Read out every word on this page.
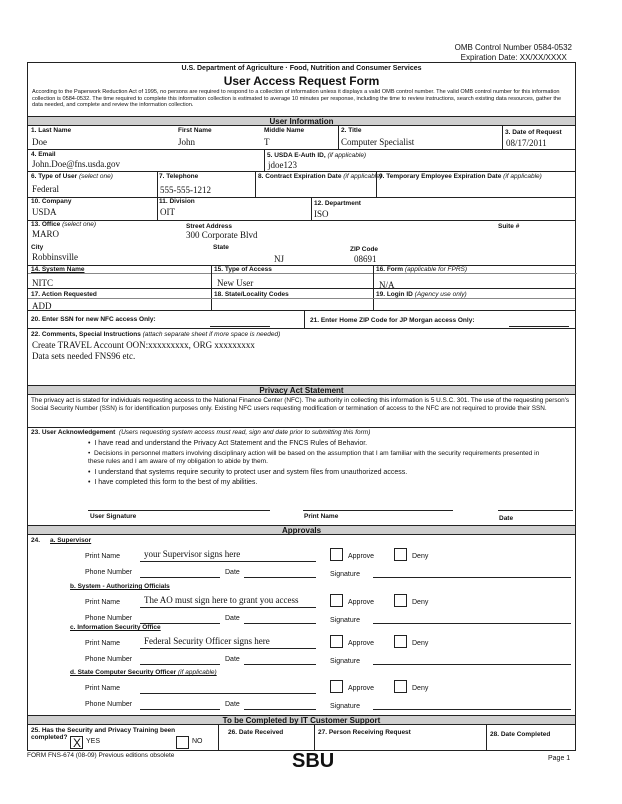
OMB Control Number 0584-0532
Expiration Date: XX/XX/XXXX
U.S. Department of Agriculture · Food, Nutrition and Consumer Services
User Access Request Form
According to the Paperwork Reduction Act of 1995, no persons are required to respond to a collection of information unless it displays a valid OMB control number. The valid OMB control number for this information collection is 0584-0532. The time required to complete this information collection is estimated to average 10 minutes per response, including the time to review instructions, search existing data resources, gather the data needed, and complete and review the information collection.
User Information
1. Last Name
Doe
First Name
John
Middle Name
T
2. Title
Computer Specialist
3. Date of Request
08/17/2011
4. Email
John.Doe@fns.usda.gov
5. USDA E-Auth ID, (if applicable)
jdoe123
6. Type of User (select one)
Federal
7. Telephone
555-555-1212
8. Contract Expiration Date (if applicable)
9. Temporary Employee Expiration Date (if applicable)
10. Company
USDA
11. Division
OIT
12. Department
ISO
13. Office (select one)
MARO
Street Address
300 Corporate Blvd
Suite #
City
Robbinsville
State
NJ
ZIP Code
08691
14. System Name
NITC
15. Type of Access
New User
16. Form (applicable for FPRS)
N/A
17. Action Requested
ADD
18. State/Locality Codes	19. Login ID (Agency use only)
20. Enter SSN for new NFC access Only:	21. Enter Home ZIP Code for JP Morgan access Only:
22. Comments, Special Instructions (attach separate sheet if more space is needed)
Create TRAVEL Account OON:xxxxxxxxx, ORG xxxxxxxxx
Data sets needed FNS96 etc.
Privacy Act Statement
The privacy act is stated for individuals requesting access to the National Finance Center (NFC). The authority in collecting this information is 5 U.S.C. 301. The use of the requesting person's Social Security Number (SSN) is for identification purposes only. Existing NFC users requesting modification or termination of access to the NFC are not required to provide their SSN.
23. User Acknowledgement (Users requesting system access must read, sign and date prior to submitting this form)
•  I have read and understand the Privacy Act Statement and the FNCS Rules of Behavior.
•  Decisions in personnel matters involving disciplinary action will be based on the assumption that I am familiar with the security requirements presented in these rules and I am aware of my obligation to abide by them.
•  I understand that systems require security to protect user and system files from unauthorized access.
•  I have completed this form to the best of my abilities.
User Signature	Print Name	Date
Approvals
24. a. Supervisor
Print Name	your Supervisor signs here
Phone Number	Date
Approve	Deny
Signature
b. System - Authorizing Officials
Print Name	The AO must sign here to grant you access
Phone Number	Date
Approve	Deny
Signature
c. Information Security Office
Print Name	Federal Security Officer signs here
Phone Number	Date
Approve	Deny
Signature
d. State Computer Security Officer (if applicable)
Print Name
Phone Number	Date
Approve	Deny
Signature
To be Completed by IT Customer Support
25. Has the Security and Privacy Training been completed? X YES	NO
26. Date Received	27. Person Receiving Request	28. Date Completed
FORM FNS-674 (08-09) Previous editions obsolete	SBU	Page 1
